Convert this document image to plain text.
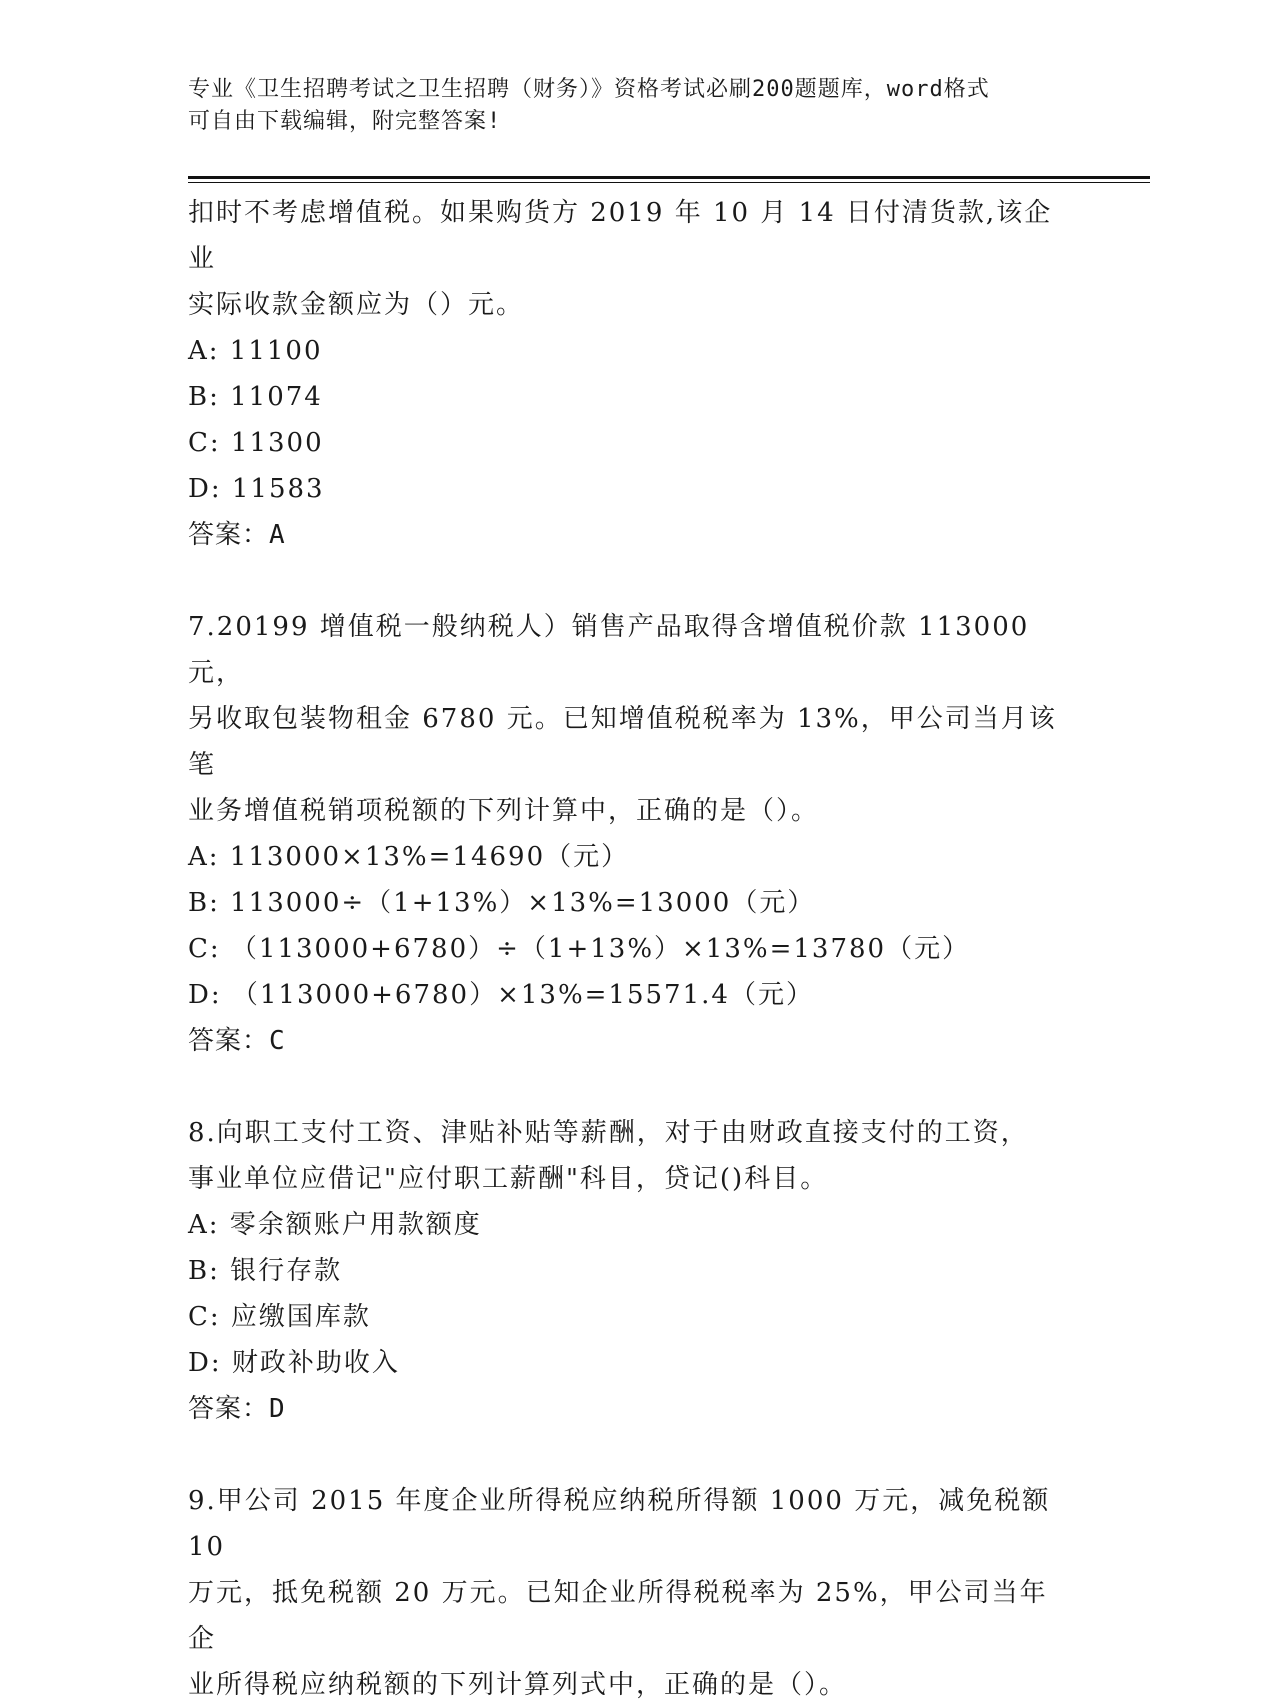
专业《卫生招聘考试之卫生招聘（财务）》资格考试必刷200题题库，word格式
可自由下载编辑，附完整答案!
扣时不考虑增值税。如果购货方 2019 年 10 月 14 日付清货款,该企业
实际收款金额应为（）元。
A: 11100
B: 11074
C: 11300
D: 11583
答案：A
7.20199 增值税一般纳税人）销售产品取得含增值税价款 113000 元，
另收取包装物租金 6780 元。已知增值税税率为 13%，甲公司当月该笔
业务增值税销项税额的下列计算中，正确的是（）。
A: 113000×13%=14690（元）
B: 113000÷（1+13%）×13%=13000（元）
C: （113000+6780）÷（1+13%）×13%=13780（元）
D: （113000+6780）×13%=15571.4（元）
答案：C
8.向职工支付工资、津贴补贴等薪酬，对于由财政直接支付的工资，
事业单位应借记"应付职工薪酬"科目，贷记()科目。
A: 零余额账户用款额度
B: 银行存款
C: 应缴国库款
D: 财政补助收入
答案：D
9.甲公司 2015 年度企业所得税应纳税所得额 1000 万元，减免税额 10
万元，抵免税额 20 万元。已知企业所得税税率为 25%，甲公司当年企
业所得税应纳税额的下列计算列式中，正确的是（）。
